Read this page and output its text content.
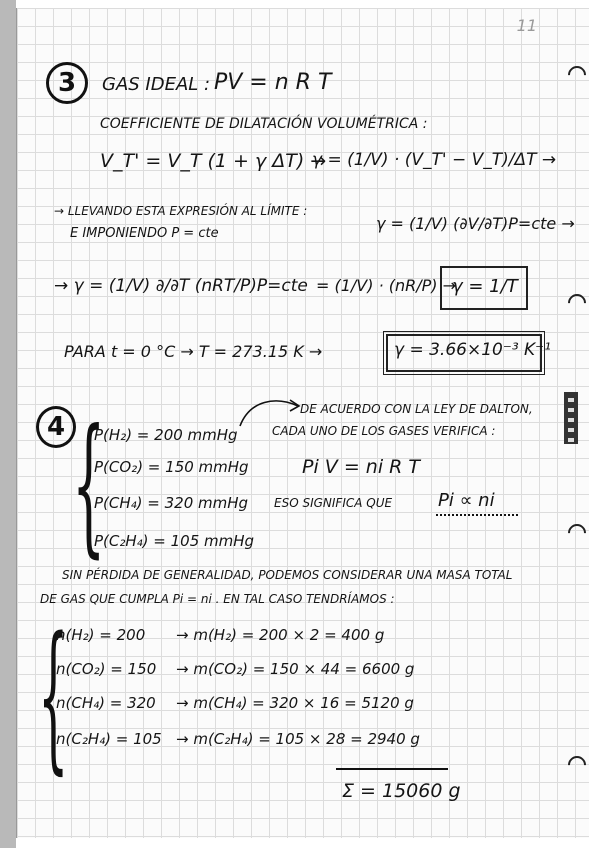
11
3	GAS IDEAL : PV = n R T
COEFFICIENTE DE DILATACIÓN VOLUMÉTRICA :
V_T' = V_T (1 + γ ΔT) →
γ = (1/V) · (V_T' − V_T)/ΔT →
→ LLEVANDO ESTA EXPRESIÓN AL LÍMITE :
E IMPONIENDO P = cte
γ = (1/V) (∂V/∂T)P=cte →
→ γ = (1/V) ∂/∂T (nRT/P)P=cte = (1/V) · (nR/P) →
γ = 1/T
PARA t = 0 °C → T = 273.15 K →	γ = 3.66×10⁻³ K⁻¹
4 {
P(H₂) = 200 mmHg
P(CO₂) = 150 mmHg
P(CH₄) = 320 mmHg
P(C₂H₄) = 105 mmHg
DE ACUERDO CON LA LEY DE DALTON,
CADA UNO DE LOS GASES VERIFICA :
Pi V = ni R T
ESO SIGNIFICA QUE	Pi ∝ ni
SIN PÉRDIDA DE GENERALIDAD, PODEMOS CONSIDERAR UNA MASA TOTAL
DE GAS QUE CUMPLA Pi = ni . EN TAL CASO TENDRÍAMOS :
{
n(H₂) = 200 → m(H₂) = 200 × 2 = 400 g
n(CO₂) = 150 → m(CO₂) = 150 × 44 = 6600 g
n(CH₄) = 320 → m(CH₄) = 320 × 16 = 5120 g
n(C₂H₄) = 105 → m(C₂H₄) = 105 × 28 = 2940 g
Σ = 15060 g
